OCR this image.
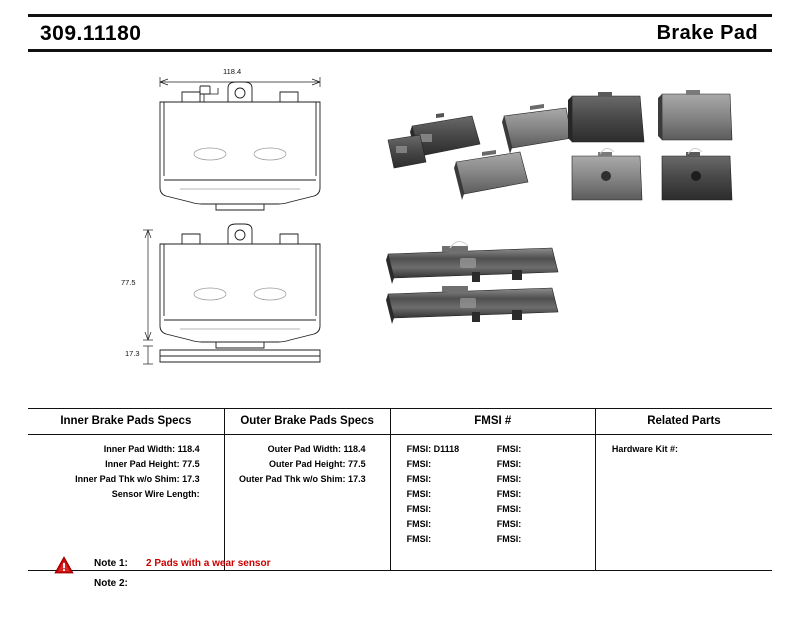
309.11180	Brake Pad
118.4
77.5
17.3
Inner Brake Pads Specs
Inner Pad Width: 118.4
Inner Pad Height: 77.5
Inner Pad Thk w/o Shim: 17.3
Sensor Wire Length:
Outer Brake Pads Specs
Outer Pad Width: 118.4
Outer Pad Height: 77.5
Outer Pad Thk w/o Shim: 17.3
FMSI #
FMSI: D1118
FMSI:
FMSI:
FMSI:
FMSI:
FMSI:
FMSI:
FMSI:
FMSI:
FMSI:
FMSI:
FMSI:
FMSI:
FMSI:
Related Parts
Hardware Kit #:
Note 1: 2 Pads with a wear sensor
Note 2:
